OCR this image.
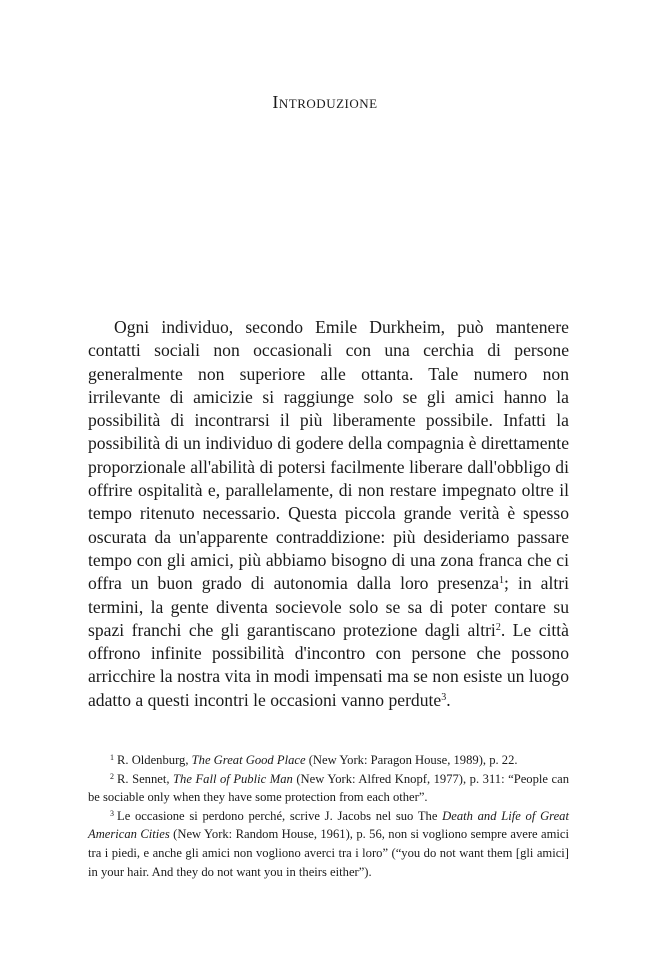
Introduzione

Ogni individuo, secondo Emile Durkheim, può mantenere contatti sociali non occasionali con una cerchia di persone generalmente non superiore alle ottanta. Tale numero non irrilevante di amicizie si raggiunge solo se gli amici hanno la possibilità di incontrarsi il più liberamente possibile. Infatti la possibilità di un individuo di godere della compagnia è direttamente proporzionale all'abilità di potersi facilmente liberare dall'obbligo di offrire ospitalità e, parallelamente, di non restare impegnato oltre il tempo ritenuto necessario. Questa piccola grande verità è spesso oscurata da un'apparente contraddizione: più desideriamo passare tempo con gli amici, più abbiamo bisogno di una zona franca che ci offra un buon grado di autonomia dalla loro presenza$^1$; in altri termini, la gente diventa socievole solo se sa di poter contare su spazi franchi che gli garantiscano protezione dagli altri$^2$. Le città offrono infinite possibilità d'incontro con persone che possono arricchire la nostra vita in modi impensati ma se non esiste un luogo adatto a questi incontri le occasioni vanno perdute$^3$.

$^1$ R. Oldenburg, The Great Good Place (New York: Paragon House, 1989), p. 22.

$^2$ R. Sennet, The Fall of Public Man (New York: Alfred Knopf, 1977), p. 311: “People can be sociable only when they have some protection from each other”.

$^3$ Le occasione si perdono perché, scrive J. Jacobs nel suo The Death and Life of Great American Cities (New York: Random House, 1961), p. 56, non si vogliono sempre avere amici tra i piedi, e anche gli amici non vogliono averci tra i loro” (“you do not want them [gli amici] in your hair. And they do not want you in theirs either”).
